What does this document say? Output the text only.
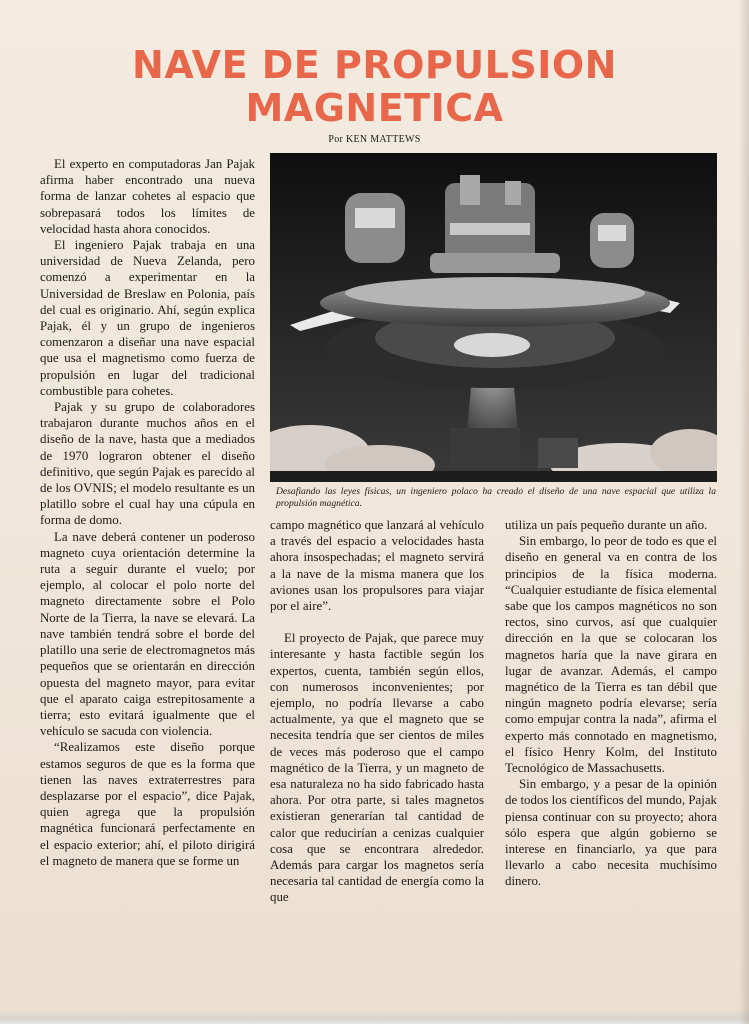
NAVE DE PROPULSION
MAGNETICA
Por KEN MATTEWS

El experto en computadoras Jan Pajak afirma haber encontrado una nueva forma de lanzar cohetes al espacio que sobrepasará todos los límites de velocidad hasta ahora conocidos.

El ingeniero Pajak trabaja en una universidad de Nueva Zelanda, pero comenzó a experimentar en la Universidad de Breslaw en Polonia, país del cual es originario. Ahí, según explica Pajak, él y un grupo de ingenieros comenzaron a diseñar una nave espacial que usa el magnetismo como fuerza de propulsión en lugar del tradicional combustible para cohetes.

Pajak y su grupo de colaboradores trabajaron durante muchos años en el diseño de la nave, hasta que a mediados de 1970 lograron obtener el diseño definitivo, que según Pajak es parecido al de los OVNIS; el modelo resultante es un platillo sobre el cual hay una cúpula en forma de domo.

La nave deberá contener un poderoso magneto cuya orientación determine la ruta a seguir durante el vuelo; por ejemplo, al colocar el polo norte del magneto directamente sobre el Polo Norte de la Tierra, la nave se elevará. La nave también tendrá sobre el borde del platillo una serie de electromagnetos más pequeños que se orientarán en dirección opuesta del magneto mayor, para evitar que el aparato caiga estrepitosamente a tierra; esto evitará igualmente que el vehículo se sacuda con violencia.

“Realizamos este diseño porque estamos seguros de que es la forma que tienen las naves extraterrestres para desplazarse por el espacio”, dice Pajak, quien agrega que la propulsión magnética funcionará perfectamente en el espacio exterior; ahí, el piloto dirigirá el magneto de manera que se forme un

Desafiando las leyes físicas, un ingeniero polaco ha creado el diseño de una nave espacial que utiliza la propulsión magnética.

campo magnético que lanzará al vehículo a través del espacio a velocidades hasta ahora insospechadas; el magneto servirá a la nave de la misma manera que los aviones usan los propulsores para viajar por el aire”.

El proyecto de Pajak, que parece muy interesante y hasta factible según los expertos, cuenta, también según ellos, con numerosos inconvenientes; por ejemplo, no podría llevarse a cabo actualmente, ya que el magneto que se necesita tendría que ser cientos de miles de veces más poderoso que el campo magnético de la Tierra, y un magneto de esa naturaleza no ha sido fabricado hasta ahora. Por otra parte, si tales magnetos existieran generarían tal cantidad de calor que reducirían a cenizas cualquier cosa que se encontrara alrededor. Además para cargar los magnetos sería necesaria tal cantidad de energía como la que

utiliza un país pequeño durante un año.

Sin embargo, lo peor de todo es que el diseño en general va en contra de los principios de la física moderna. “Cualquier estudiante de física elemental sabe que los campos magnéticos no son rectos, sino curvos, así que cualquier dirección en la que se colocaran los magnetos haría que la nave girara en lugar de avanzar. Además, el campo magnético de la Tierra es tan débil que ningún magneto podría elevarse; sería como empujar contra la nada”, afirma el experto más connotado en magnetismo, el físico Henry Kolm, del Instituto Tecnológico de Massachusetts.

Sin embargo, y a pesar de la opinión de todos los científicos del mundo, Pajak piensa continuar con su proyecto; ahora sólo espera que algún gobierno se interese en financiarlo, ya que para llevarlo a cabo necesita muchísimo dinero.
